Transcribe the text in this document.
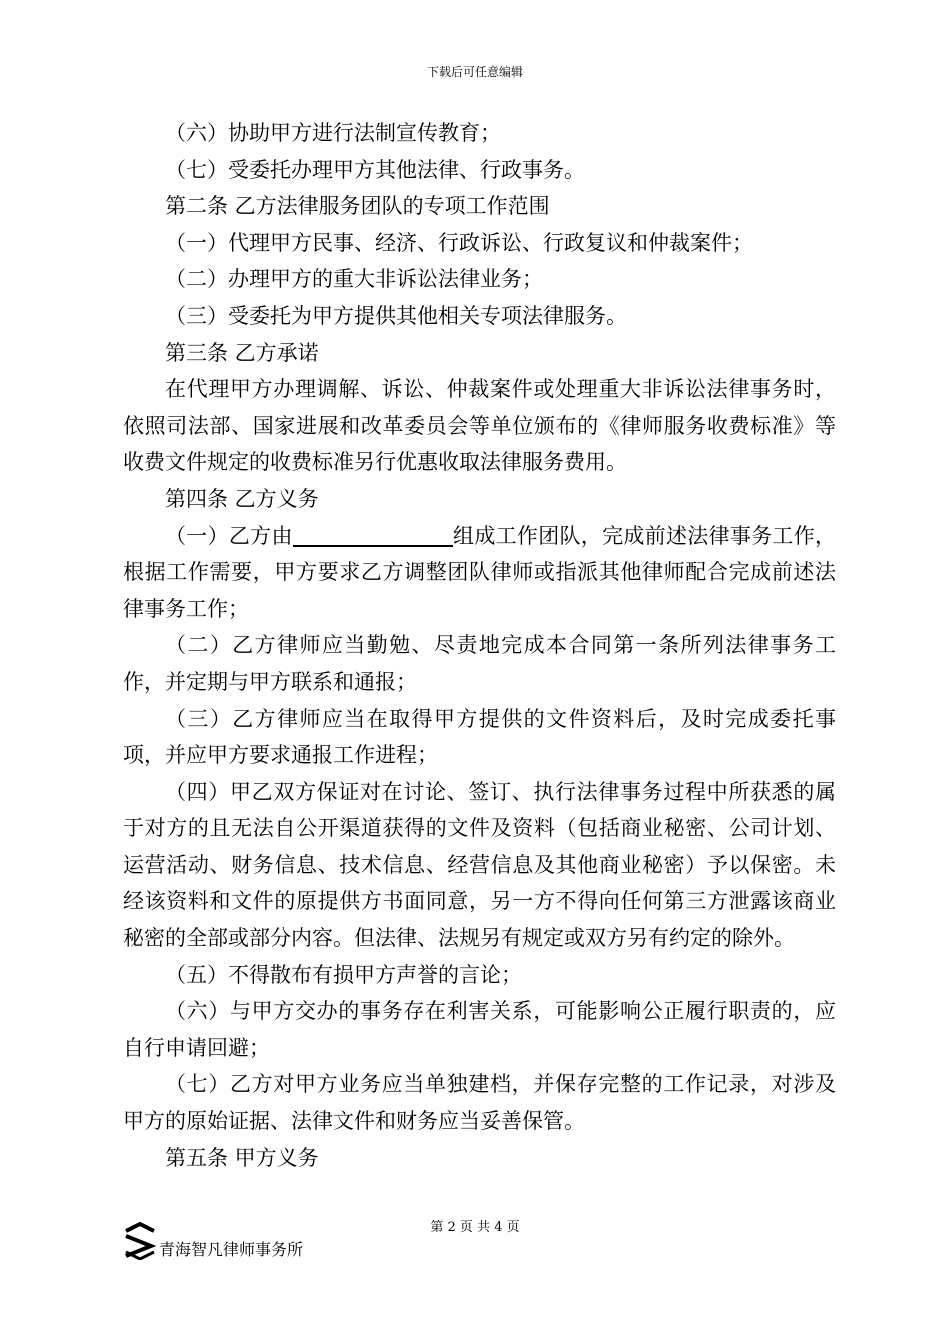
下载后可任意编辑

（六）协助甲方进行法制宣传教育；

（七）受委托办理甲方其他法律、行政事务。

第二条 乙方法律服务团队的专项工作范围

（一）代理甲方民事、经济、行政诉讼、行政复议和仲裁案件；

（二）办理甲方的重大非诉讼法律业务；

（三）受委托为甲方提供其他相关专项法律服务。

第三条 乙方承诺

在代理甲方办理调解、诉讼、仲裁案件或处理重大非诉讼法律事务时，依照司法部、国家进展和改革委员会等单位颁布的《律师服务收费标准》等收费文件规定的收费标准另行优惠收取法律服务费用。

第四条 乙方义务

（一）乙方由	组成工作团队，完成前述法律事务工作，根据工作需要，甲方要求乙方调整团队律师或指派其他律师配合完成前述法律事务工作；

（二）乙方律师应当勤勉、尽责地完成本合同第一条所列法律事务工作，并定期与甲方联系和通报；

（三）乙方律师应当在取得甲方提供的文件资料后，及时完成委托事项，并应甲方要求通报工作进程；

（四）甲乙双方保证对在讨论、签订、执行法律事务过程中所获悉的属于对方的且无法自公开渠道获得的文件及资料（包括商业秘密、公司计划、运营活动、财务信息、技术信息、经营信息及其他商业秘密）予以保密。未经该资料和文件的原提供方书面同意，另一方不得向任何第三方泄露该商业秘密的全部或部分内容。但法律、法规另有规定或双方另有约定的除外。

（五）不得散布有损甲方声誉的言论；

（六）与甲方交办的事务存在利害关系，可能影响公正履行职责的，应自行申请回避；

（七）乙方对甲方业务应当单独建档，并保存完整的工作记录，对涉及甲方的原始证据、法律文件和财务应当妥善保管。

第五条 甲方义务

第 2 页 共 4 页
青海智凡律师事务所
